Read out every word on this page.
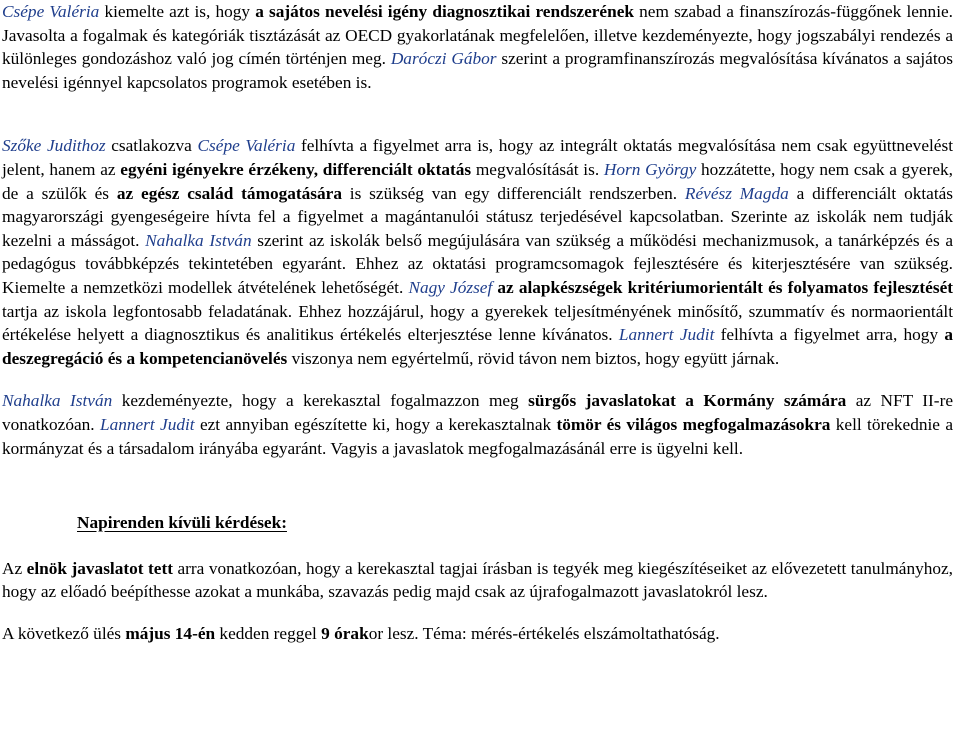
Csépe Valéria kiemelte azt is, hogy a sajátos nevelési igény diagnosztikai rendszerének nem szabad a finanszírozás-függőnek lennie. Javasolta a fogalmak és kategóriák tisztázását az OECD gyakorlatának megfelelően, illetve kezdeményezte, hogy jogszabályi rendezés a különleges gondozáshoz való jog címén történjen meg. Daróczi Gábor szerint a programfinanszírozás megvalósítása kívánatos a sajátos nevelési igénnyel kapcsolatos programok esetében is.

Szőke Judithoz csatlakozva Csépe Valéria felhívta a figyelmet arra is, hogy az integrált oktatás megvalósítása nem csak együttnevelést jelent, hanem az egyéni igényekre érzékeny, differenciált oktatás megvalósítását is. Horn György hozzátette, hogy nem csak a gyerek, de a szülők és az egész család támogatására is szükség van egy differenciált rendszerben. Révész Magda a differenciált oktatás magyarországi gyengeségeire hívta fel a figyelmet a magántanulói státusz terjedésével kapcsolatban. Szerinte az iskolák nem tudják kezelni a másságot. Nahalka István szerint az iskolák belső megújulására van szükség a működési mechanizmusok, a tanárképzés és a pedagógus továbbképzés tekintetében egyaránt. Ehhez az oktatási programcsomagok fejlesztésére és kiterjesztésére van szükség. Kiemelte a nemzetközi modellek átvételének lehetőségét. Nagy József az alapkészségek kritériumorientált és folyamatos fejlesztését tartja az iskola legfontosabb feladatának. Ehhez hozzájárul, hogy a gyerekek teljesítményének minősítő, szummatív és normaorientált értékelése helyett a diagnosztikus és analitikus értékelés elterjesztése lenne kívánatos. Lannert Judit felhívta a figyelmet arra, hogy a deszegregáció és a kompetencianövelés viszonya nem egyértelmű, rövid távon nem biztos, hogy együtt járnak.

Nahalka István kezdeményezte, hogy a kerekasztal fogalmazzon meg sürgős javaslatokat a Kormány számára az NFT II-re vonatkozóan. Lannert Judit ezt annyiban egészítette ki, hogy a kerekasztalnak tömör és világos megfogalmazásokra kell törekednie a kormányzat és a társadalom irányába egyaránt. Vagyis a javaslatok megfogalmazásánál erre is ügyelni kell.

Napirenden kívüli kérdések:

Az elnök javaslatot tett arra vonatkozóan, hogy a kerekasztal tagjai írásban is tegyék meg kiegészítéseiket az elővezetett tanulmányhoz, hogy az előadó beépíthesse azokat a munkába, szavazás pedig majd csak az újrafogalmazott javaslatokról lesz.

A következő ülés május 14-én kedden reggel 9 órakor lesz. Téma: mérés-értékelés elszámoltathatóság.
